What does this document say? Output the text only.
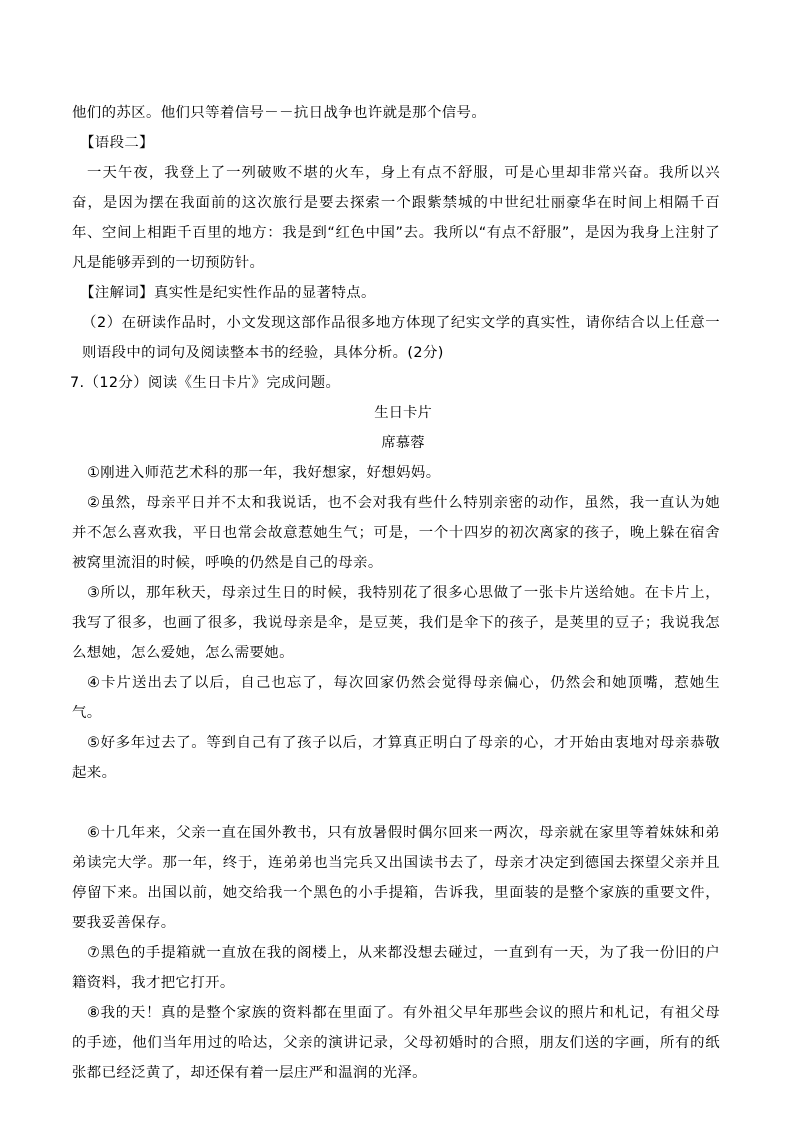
他们的苏区。他们只等着信号－－抗日战争也许就是那个信号。
【语段二】

一天午夜，我登上了一列破败不堪的火车，身上有点不舒服，可是心里却非常兴奋。我所以兴奋，是因为摆在我面前的这次旅行是要去探索一个跟紫禁城的中世纪壮丽豪华在时间上相隔千百年、空间上相距千百里的地方：我是到“红色中国”去。我所以“有点不舒服”，是因为我身上注射了凡是能够弄到的一切预防针。

【注解词】真实性是纪实性作品的显著特点。

（2）在研读作品时，小文发现这部作品很多地方体现了纪实文学的真实性，请你结合以上任意一则语段中的词句及阅读整本书的经验，具体分析。(2分)

7.（12分）阅读《生日卡片》完成问题。
生日卡片
席慕蓉

①刚进入师范艺术科的那一年，我好想家，好想妈妈。

②虽然，母亲平日并不太和我说话，也不会对我有些什么特别亲密的动作，虽然，我一直认为她并不怎么喜欢我，平日也常会故意惹她生气；可是，一个十四岁的初次离家的孩子，晚上躲在宿舍被窝里流泪的时候，呼唤的仍然是自己的母亲。

③所以，那年秋天，母亲过生日的时候，我特别花了很多心思做了一张卡片送给她。在卡片上，我写了很多，也画了很多，我说母亲是伞，是豆荚，我们是伞下的孩子，是荚里的豆子；我说我怎么想她，怎么爱她，怎么需要她。

④卡片送出去了以后，自己也忘了，每次回家仍然会觉得母亲偏心，仍然会和她顶嘴，惹她生气。

⑤好多年过去了。等到自己有了孩子以后，才算真正明白了母亲的心，才开始由衷地对母亲恭敬起来。

⑥十几年来，父亲一直在国外教书，只有放暑假时偶尔回来一两次，母亲就在家里等着妹妹和弟弟读完大学。那一年，终于，连弟弟也当完兵又出国读书去了，母亲才决定到德国去探望父亲并且停留下来。出国以前，她交给我一个黑色的小手提箱，告诉我，里面装的是整个家族的重要文件，要我妥善保存。

⑦黑色的手提箱就一直放在我的阁楼上，从来都没想去碰过，一直到有一天，为了我一份旧的户籍资料，我才把它打开。

⑧我的天！真的是整个家族的资料都在里面了。有外祖父早年那些会议的照片和札记，有祖父母的手迹，他们当年用过的哈达，父亲的演讲记录，父母初婚时的合照，朋友们送的字画，所有的纸张都已经泛黄了，却还保有着一层庄严和温润的光泽。
